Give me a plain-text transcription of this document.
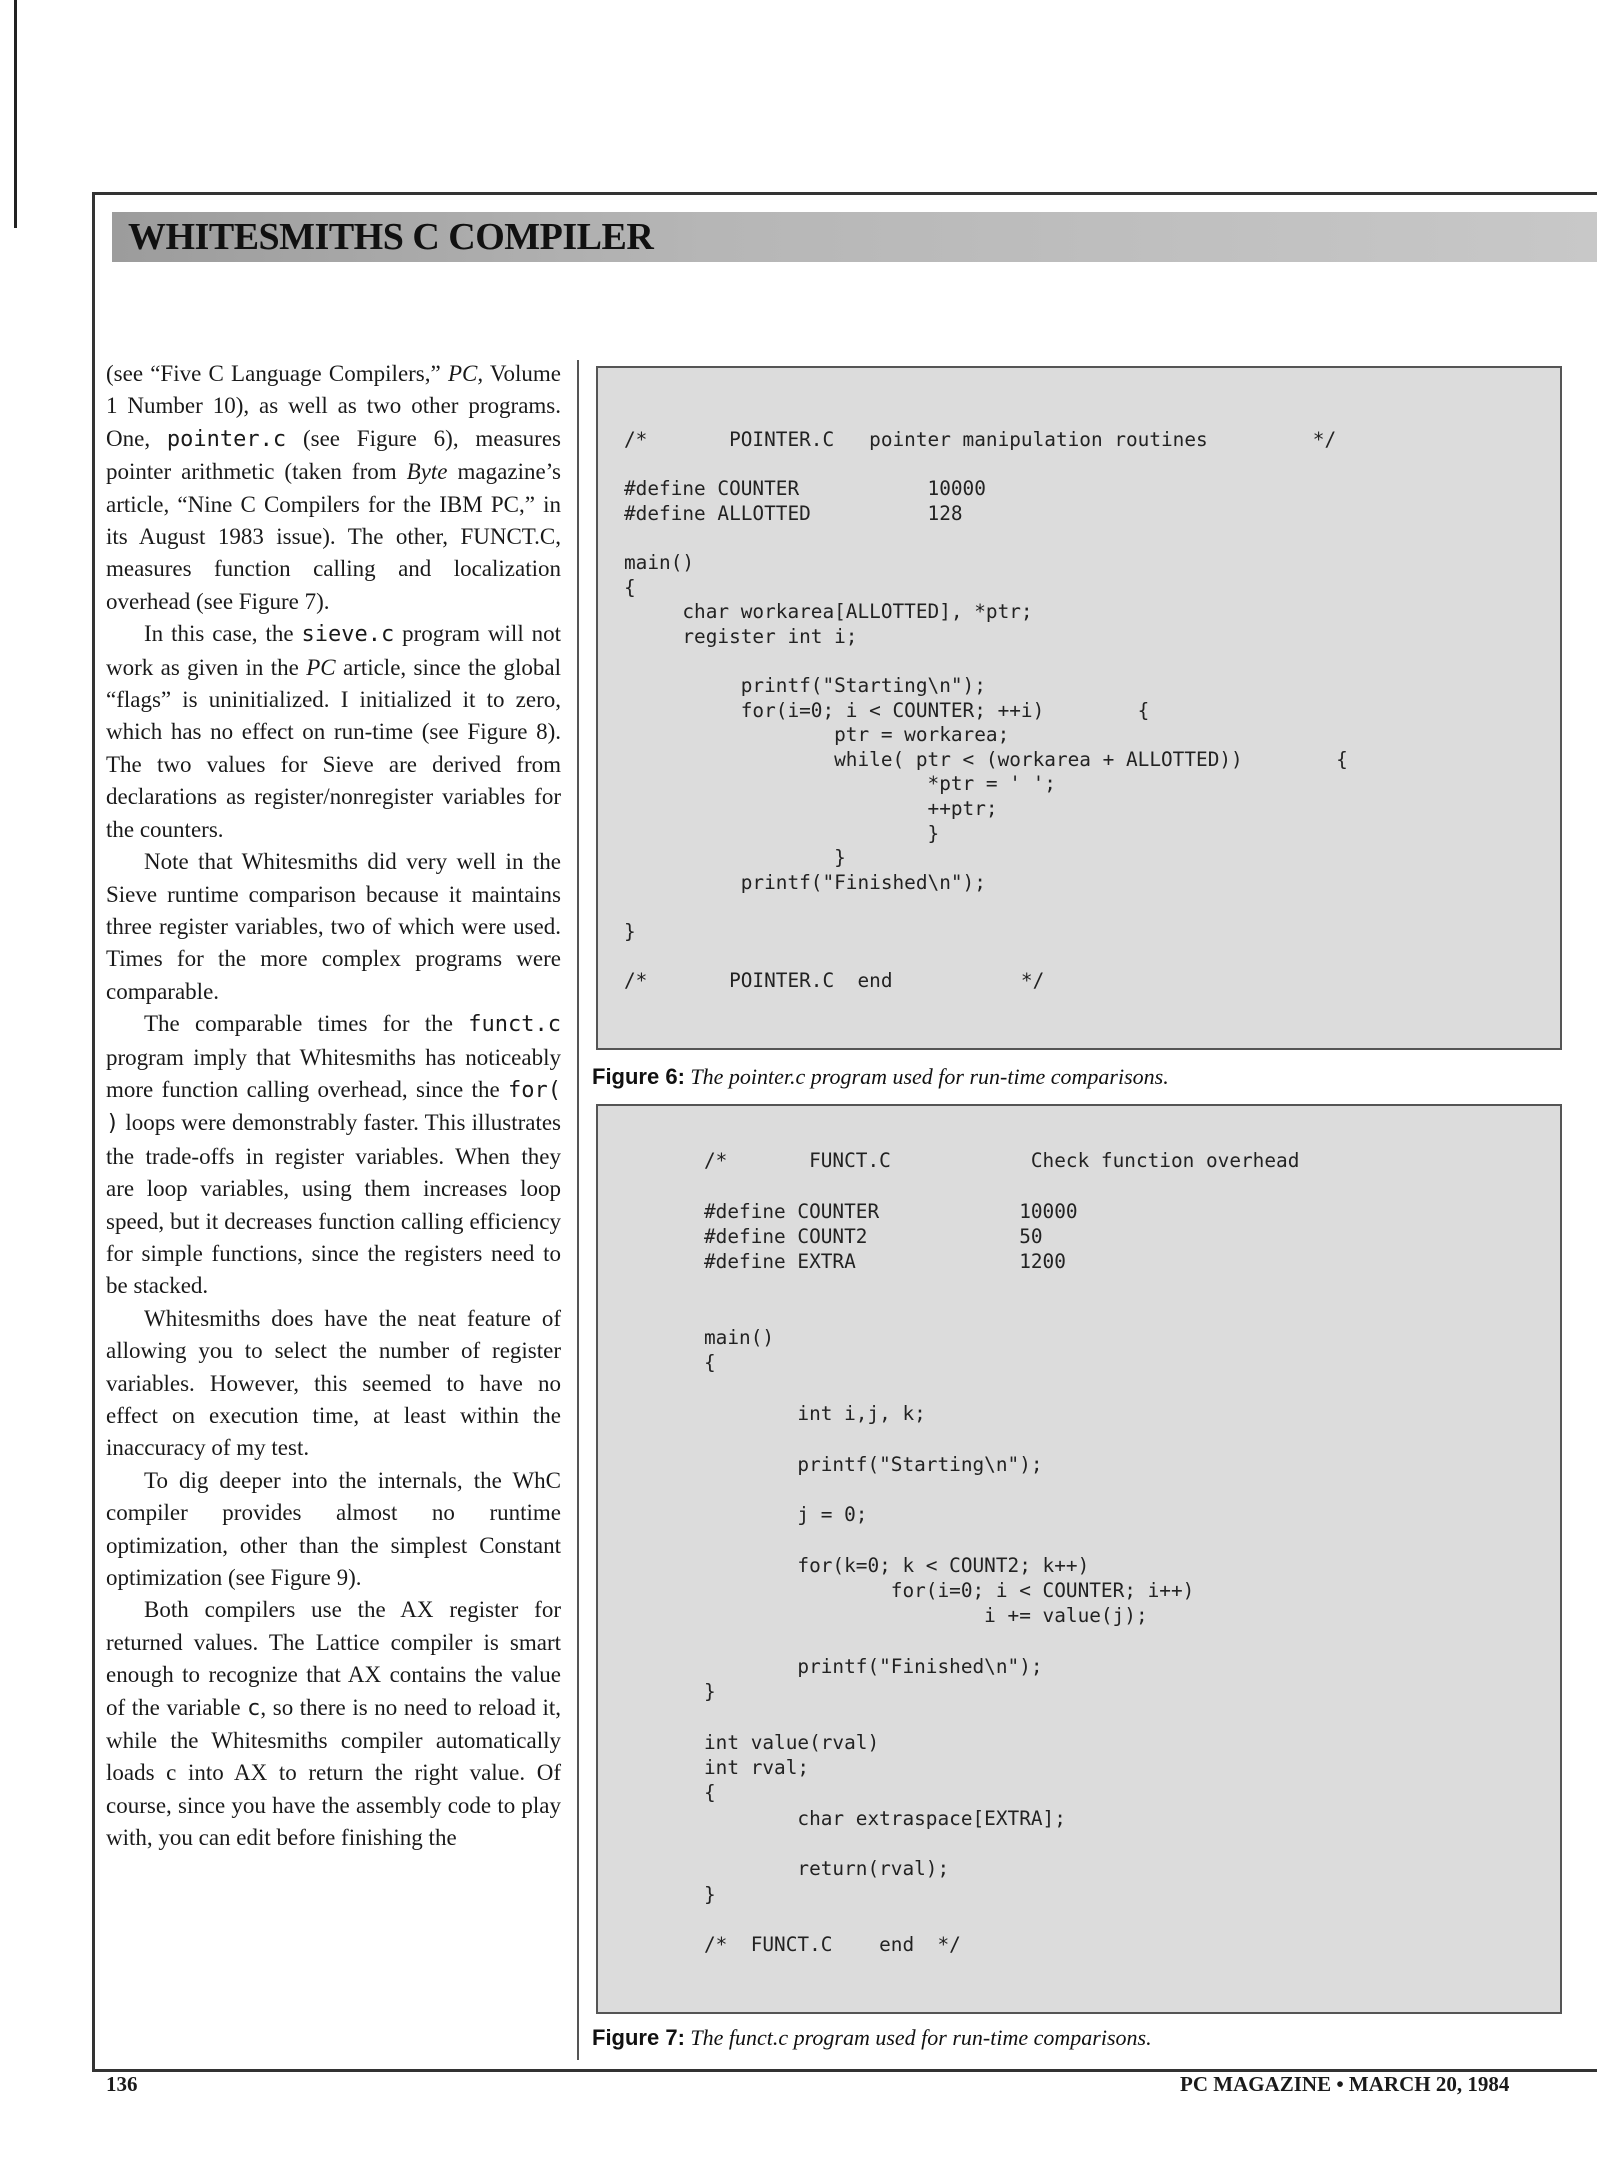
WHITESMITHS C COMPILER

(see “Five C Language Compilers,” PC, Volume 1 Number 10), as well as two other programs. One, pointer.c (see Figure 6), measures pointer arithmetic (taken from Byte magazine’s article, “Nine C Compilers for the IBM PC,” in its August 1983 issue). The other, FUNCT.C, measures function calling and localization overhead (see Figure 7).

In this case, the sieve.c program will not work as given in the PC article, since the global “flags” is uninitialized. I initialized it to zero, which has no effect on run-time (see Figure 8). The two values for Sieve are derived from declarations as register/nonregister variables for the counters.

Note that Whitesmiths did very well in the Sieve runtime comparison because it maintains three register variables, two of which were used. Times for the more complex programs were comparable.

The comparable times for the funct.c program imply that Whitesmiths has noticeably more function calling overhead, since the for( ) loops were demonstrably faster. This illustrates the trade-offs in register variables. When they are loop variables, using them increases loop speed, but it decreases function calling efficiency for simple functions, since the registers need to be stacked.

Whitesmiths does have the neat feature of allowing you to select the number of register variables. However, this seemed to have no effect on execution time, at least within the inaccuracy of my test.

To dig deeper into the internals, the WhC compiler provides almost no runtime optimization, other than the simplest Constant optimization (see Figure 9).

Both compilers use the AX register for returned values. The Lattice compiler is smart enough to recognize that AX contains the value of the variable c, so there is no need to reload it, while the Whitesmiths compiler automatically loads c into AX to return the right value. Of course, since you have the assembly code to play with, you can edit before finishing the

/*       POINTER.C   pointer manipulation routines         */

#define COUNTER           10000
#define ALLOTTED          128

main()
{
char workarea[ALLOTTED], *ptr;
register int i;

printf("Starting\n");
for(i=0; i < COUNTER; ++i)        {
ptr = workarea;
while( ptr < (workarea + ALLOTTED))        {
*ptr = ' ';
++ptr;
}
}
printf("Finished\n");

}

/*       POINTER.C  end           */
Figure 6: The pointer.c program used for run-time comparisons.
/*       FUNCT.C            Check function overhead

#define COUNTER            10000
#define COUNT2             50
#define EXTRA              1200

main()
{

int i,j, k;

printf("Starting\n");

j = 0;

for(k=0; k < COUNT2; k++)
for(i=0; i < COUNTER; i++)
i += value(j);

printf("Finished\n");
}

int value(rval)
int rval;
{
char extraspace[EXTRA];

return(rval);
}

/*  FUNCT.C    end  */
Figure 7: The funct.c program used for run-time comparisons.
136	PC MAGAZINE • MARCH 20, 1984
